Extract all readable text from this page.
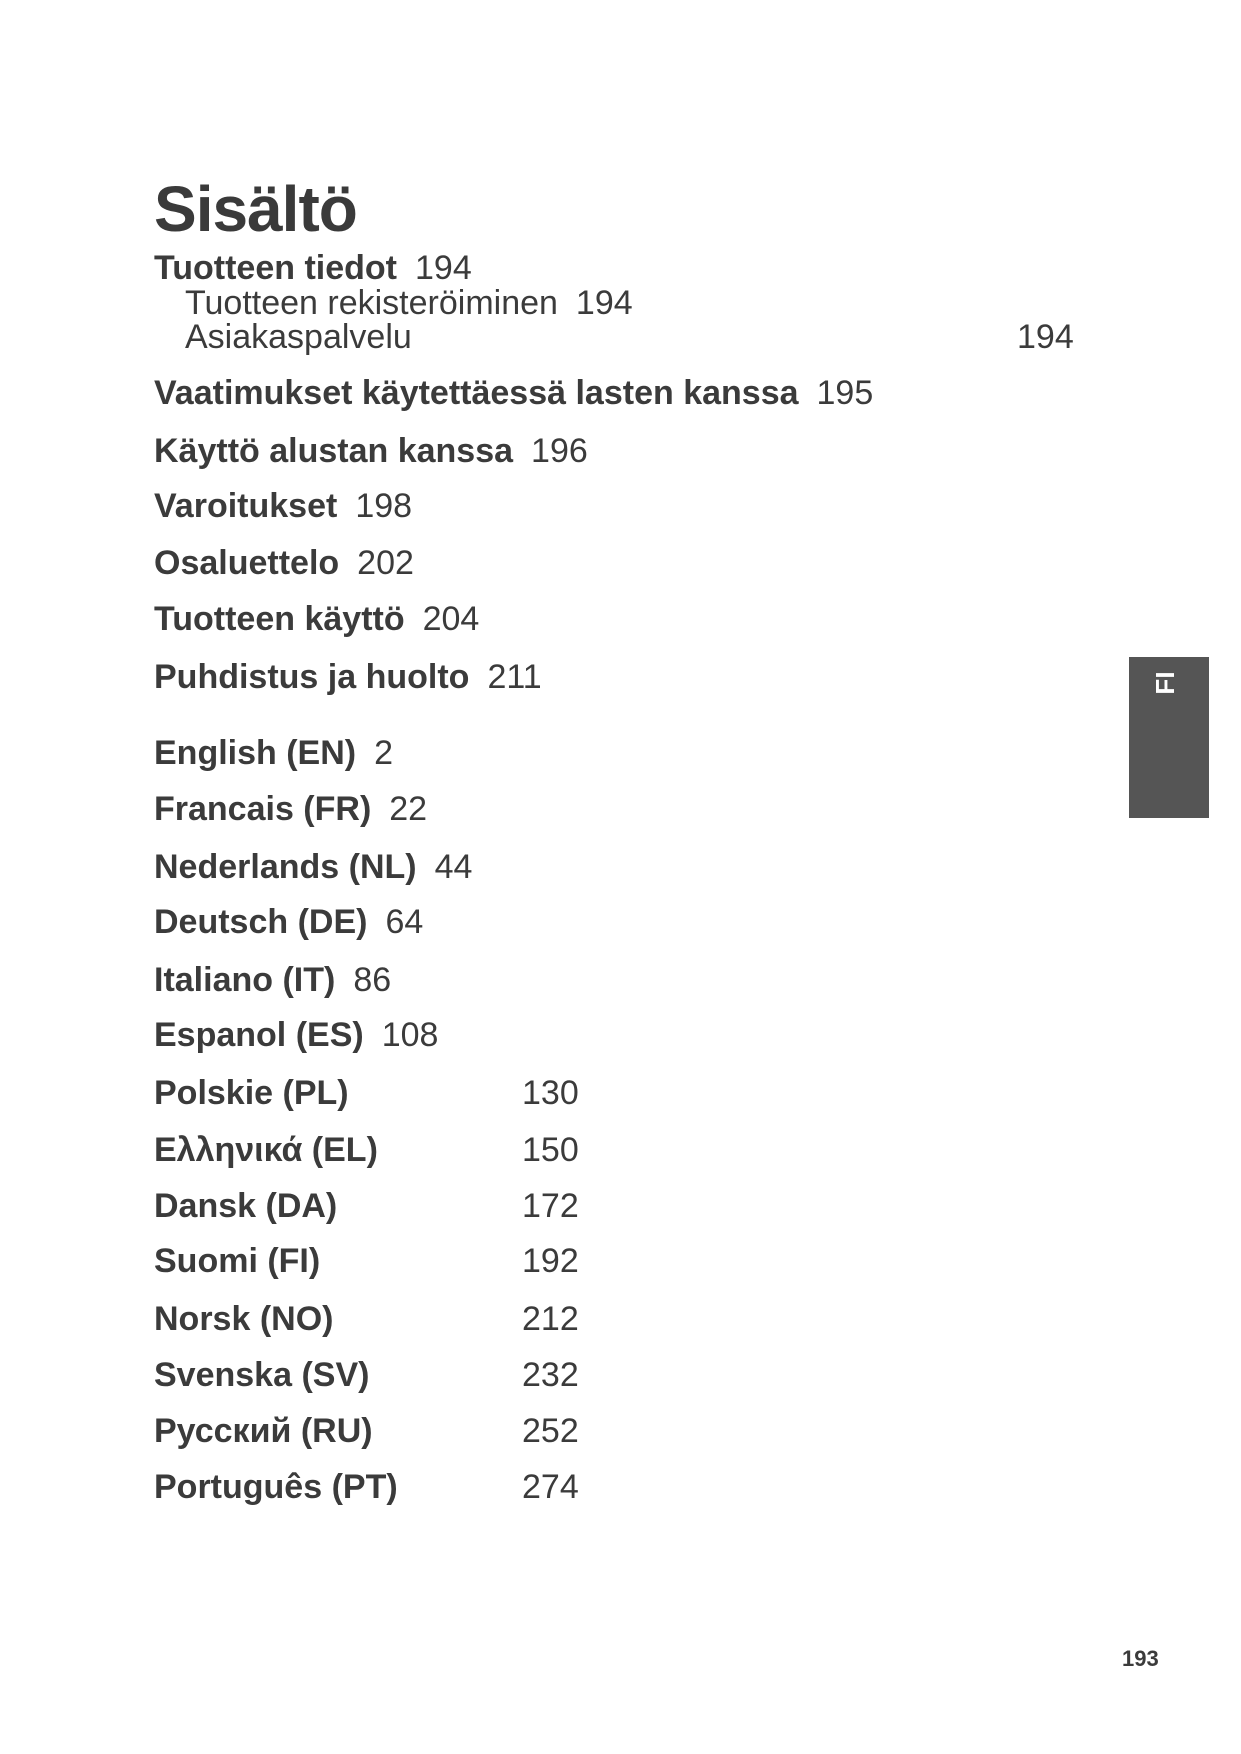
Sisältö
Tuotteen tiedot 194
Tuotteen rekisteröiminen 194
Asiakaspalvelu	194
Vaatimukset käytettäessä lasten kanssa 195
Käyttö alustan kanssa 196
Varoitukset 198
Osaluettelo 202
Tuotteen käyttö 204
Puhdistus ja huolto 211
English (EN) 2
Francais (FR) 22
Nederlands (NL) 44
Deutsch (DE) 64
Italiano (IT) 86
Espanol (ES) 108
Polskie (PL)	130
Ελληνικά (EL)	150
Dansk (DA)	172
Suomi (FI)	192
Norsk (NO)	212
Svenska (SV)	232
Русский (RU)	252
Português (PT)	274
FI
193
